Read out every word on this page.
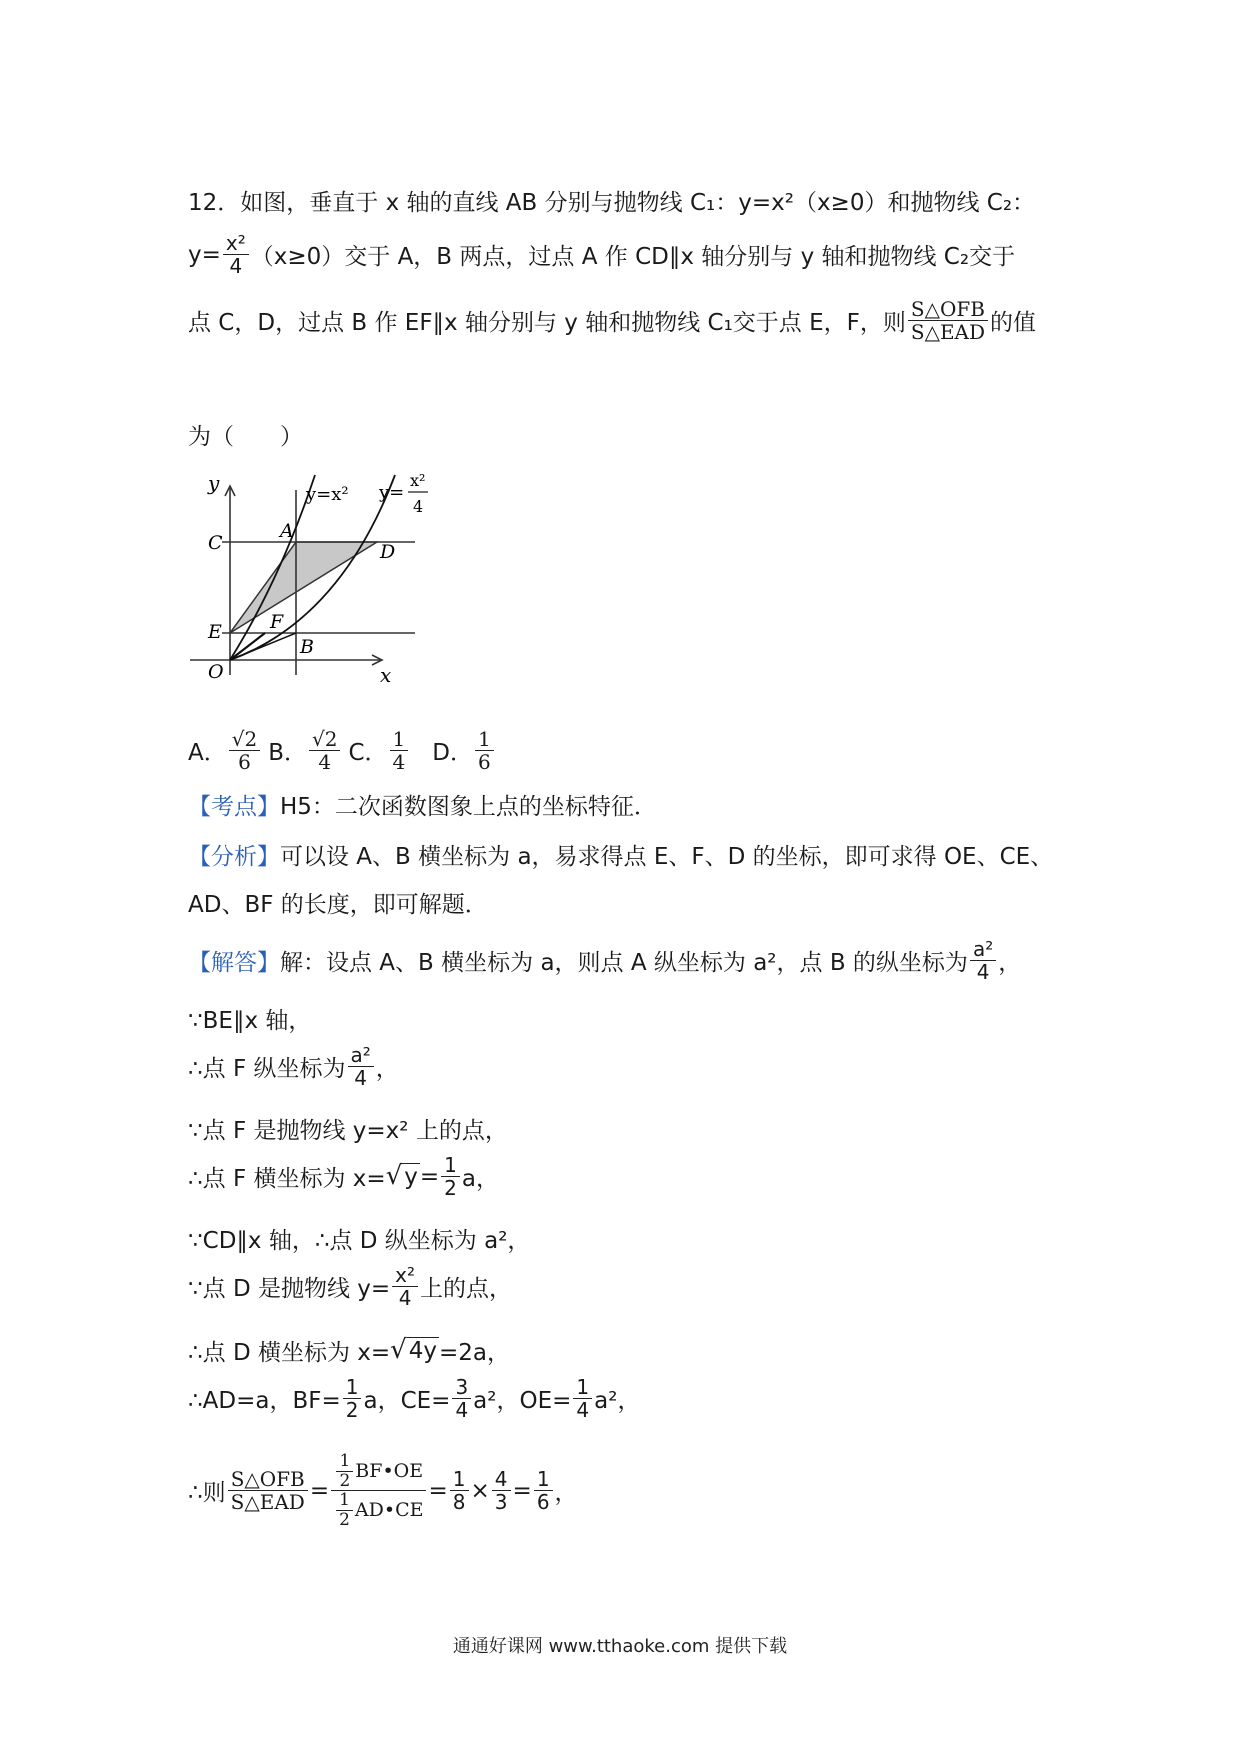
12．如图，垂直于 x 轴的直线 AB 分别与抛物线 C₁：y=x²（x≥0）和抛物线 C₂：
$y= \frac{\text{x²}}{4} (x\ge 0)$交于 A，B 两点，过点 A 作 CD∥x 轴分别与 y 轴和抛物线 C₂交于
点 C，D，过点 B 作 EF∥x 轴分别与 y 轴和抛物线 C₁交于点 E，F，则 $\frac{\text{S△OFB}}{\text{S△EAD}}$ 的值
为（　　）
y
x
y=x² y=
x²
4
A
B
C	D
E	F
O
A． $\frac{√2}{6}$ B． $\frac{√2}{4}$ C． $\frac{1}{4}$ D． $\frac{1}{6}$
【考点】 H5：二次函数图象上点的坐标特征．
【分析】 可以设 A、B 横坐标为 a，易求得点 E、F、D 的坐标，即可求得 OE、CE、
AD、BF 的长度，即可解题．
【解答】 解：设点 A、B 横坐标为 a，则点 A 纵坐标为 a²，点 B 的纵坐标为 $\frac{\text{a²}}{4}$ ，
∵BE∥x 轴，
∴点 F 纵坐标为 $\frac{\text{a²}}{4}$ ，
∵点 F 是抛物线 y=x² 上的点，
∴点 F 横坐标为 x= √ $y = \frac{1}{2}$ a，
∵CD∥x 轴，∴点 D 纵坐标为 a²，
∵点 D 是抛物线 $y= \frac{\text{x²}}{4}$ 上的点，
∴点 D 横坐标为 x= √ 4y =2a，
∴AD=a，$BF= \frac{1}{2}$ a，$CE= \frac{3}{4} a^2$，$OE= \frac{1}{4} a^2$，
∴则 $\frac{\text{S△OFB}}{\text{S△EAD}} = \frac{\frac{1}{2} BF•OE}{\frac{1}{2} AD•CE} = \frac{1}{8} \times \frac{4}{3} = \frac{1}{6}$ ，
通通好课网 www.tthaoke.com 提供下载
